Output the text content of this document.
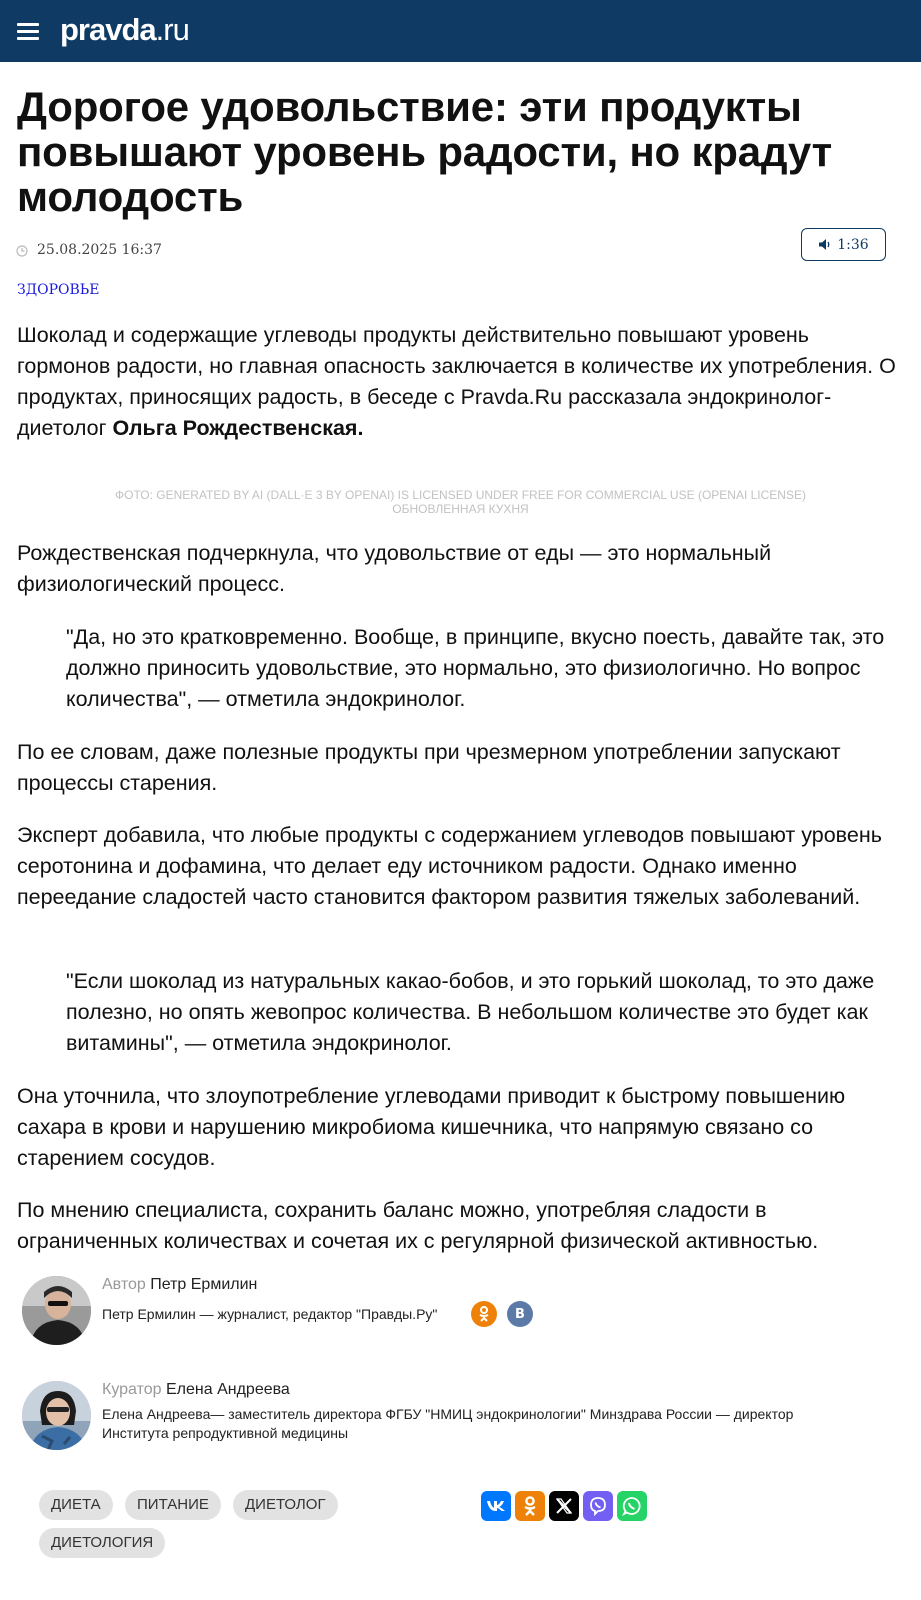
pravda.ru
Дорогое удовольствие: эти продукты повышают уровень радости, но крадут молодость
25.08.2025 16:37	1:36
ЗДОРОВЬЕ

Шоколад и содержащие углеводы продукты действительно повышают уровень гормонов радости, но главная опасность заключается в количестве их употребления. О продуктах, приносящих радость, в беседе с Pravda.Ru рассказала эндокринолог-диетолог Ольга Рождественская.

ФОТО: GENERATED BY AI (DALL·E 3 BY OPENAI) IS LICENSED UNDER FREE FOR COMMERCIAL USE (OPENAI LICENSE)
ОБНОВЛЕННАЯ КУХНЯ

Рождественская подчеркнула, что удовольствие от еды — это нормальный физиологический процесс.

"Да, но это кратковременно. Вообще, в принципе, вкусно поесть, давайте так, это должно приносить удовольствие, это нормально, это физиологично. Но вопрос количества", — отметила эндокринолог.

По ее словам, даже полезные продукты при чрезмерном употреблении запускают процессы старения.

Эксперт добавила, что любые продукты с содержанием углеводов повышают уровень серотонина и дофамина, что делает еду источником радости. Однако именно переедание сладостей часто становится фактором развития тяжелых заболеваний.

"Если шоколад из натуральных какао-бобов, и это горький шоколад, то это даже полезно, но опять жевопрос количества. В небольшом количестве это будет как витамины", — отметила эндокринолог.

Она уточнила, что злоупотребление углеводами приводит к быстрому повышению сахара в крови и нарушению микробиома кишечника, что напрямую связано со старением сосудов.

По мнению специалиста, сохранить баланс можно, употребляя сладости в ограниченных количествах и сочетая их с регулярной физической активностью.

Автор Петр Ермилин
Петр Ермилин — журналист, редактор "Правды.Ру"	В
Куратор Елена Андреева
Елена Андреева— заместитель директора ФГБУ "НМИЦ эндокринологии" Минздрава России — директор Института репродуктивной медицины
ДИЕТА	ПИТАНИЕ	ДИЕТОЛОГ
ДИЕТОЛОГИЯ
